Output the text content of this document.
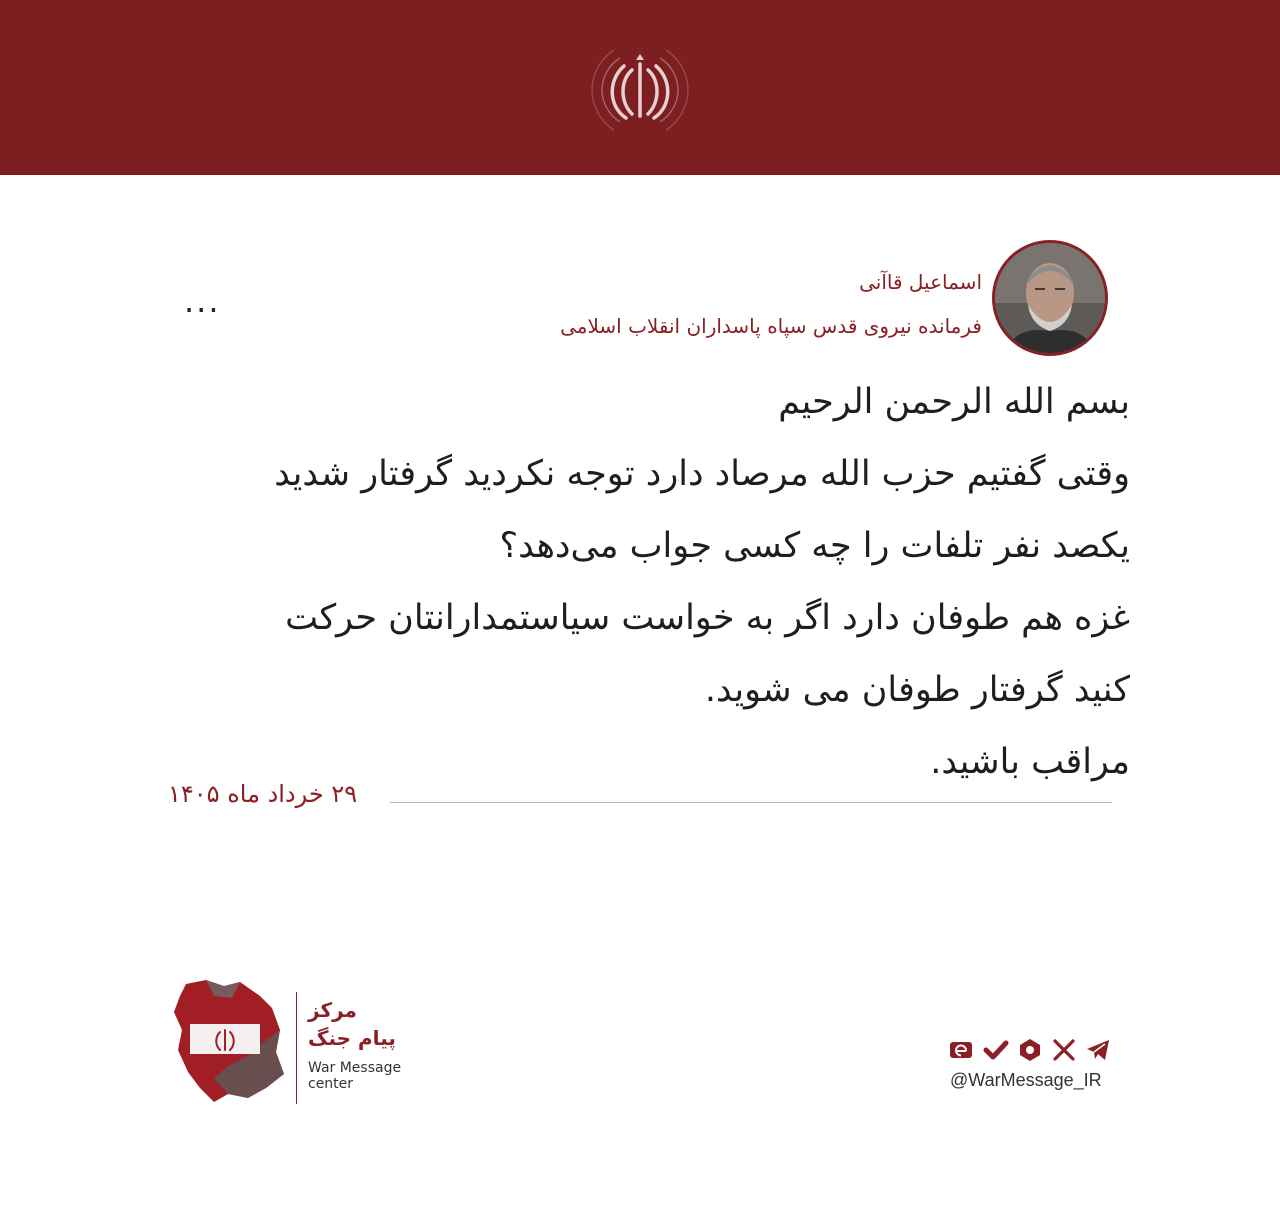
اسماعیل قاآنی
فرمانده نیروی قدس سپاه پاسداران انقلاب اسلامی
...
بسم الله الرحمن الرحیم
وقتی گفتیم حزب الله مرصاد دارد توجه نکردید گرفتار شدید
یکصد نفر تلفات را چه کسی جواب می‌دهد؟
غزه هم طوفان دارد اگر به خواست سیاستمدارانتان حرکت
کنید گرفتار طوفان می شوید.
مراقب باشید.
۲۹ خرداد ماه ۱۴۰۵
مرکز
پیام جنگ
War Message
center	@WarMessage_IR
